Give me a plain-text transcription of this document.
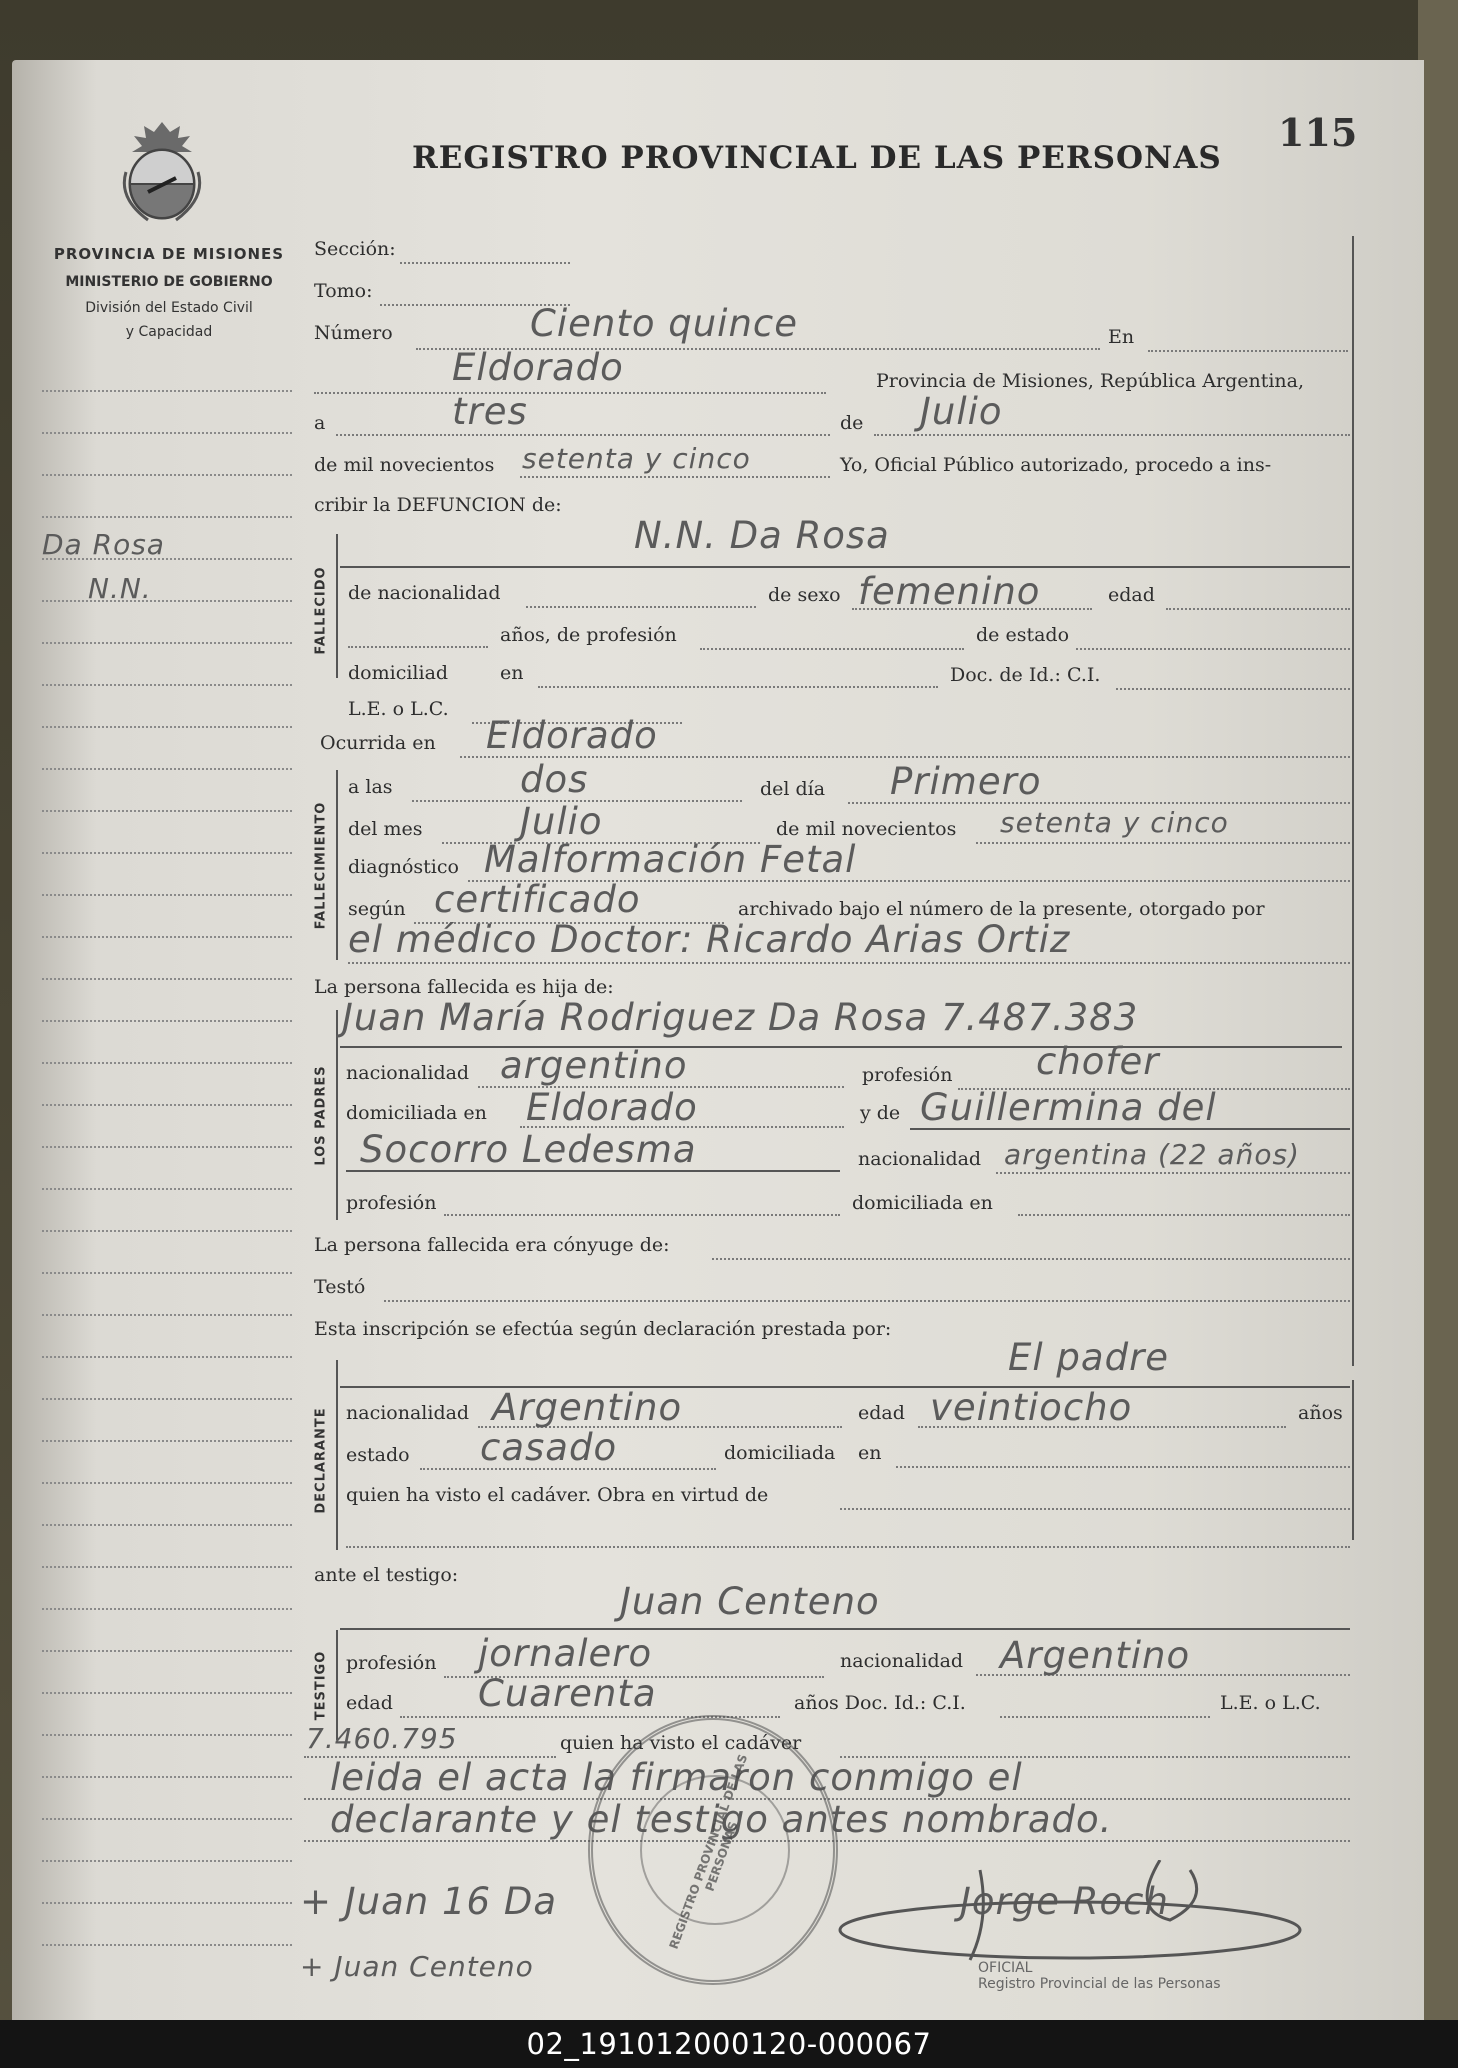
REGISTRO PROVINCIAL DE LAS PERSONAS
115
PROVINCIA DE MISIONES
MINISTERIO DE GOBIERNO
División del Estado Civil
y Capacidad
Da Rosa
N.N.
Sección:
Tomo:
Número	Ciento quince	En
Eldorado	Provincia de Misiones, República Argentina,
a	tres	de Julio
de mil novecientos setenta y cinco	Yo, Oficial Público autorizado, procedo a ins-
cribir la DEFUNCION de:
FALLECIDO
N.N. Da Rosa
de nacionalidad	de sexo femenino	edad
años, de profesión	de estado
domiciliad	en	Doc. de Id.: C.I.
L.E. o L.C.
Ocurrida en Eldorado
FALLECIMIENTO
a las	dos	del día Primero
del mes	Julio	de mil novecientos setenta y cinco
diagnóstico Malformación Fetal
según certificado	archivado bajo el número de la presente, otorgado por
el médico Doctor: Ricardo Arias Ortiz
La persona fallecida es hija de:
LOS PADRES
Juan María Rodriguez Da Rosa 7.487.383
nacionalidad argentino	profesión chofer
domiciliada en Eldorado	y de Guillermina del
Socorro Ledesma	nacionalidad argentina (22 años)
profesión	domiciliada en
La persona fallecida era cónyuge de:
Testó
Esta inscripción se efectúa según declaración prestada por:
DECLARANTE
El padre
nacionalidad Argentino	edad veintiocho	años
estado casado	domiciliada en
quien ha visto el cadáver. Obra en virtud de
ante el testigo:
TESTIGO
Juan Centeno
profesión jornalero	nacionalidad Argentino
edad Cuarenta	años Doc. Id.: C.I.	L.E. o L.C.
7.460.795	quien ha visto el cadáver
leida el acta la firmaron conmigo el
declarante y el testigo antes nombrado.
REGISTRO PROVINCIAL DE LAS PERSONAS
+ Juan 16 Da
+ Juan Centeno
Jorge Roch
OFICIAL
Registro Provincial de las Personas
02_191012000120-000067
